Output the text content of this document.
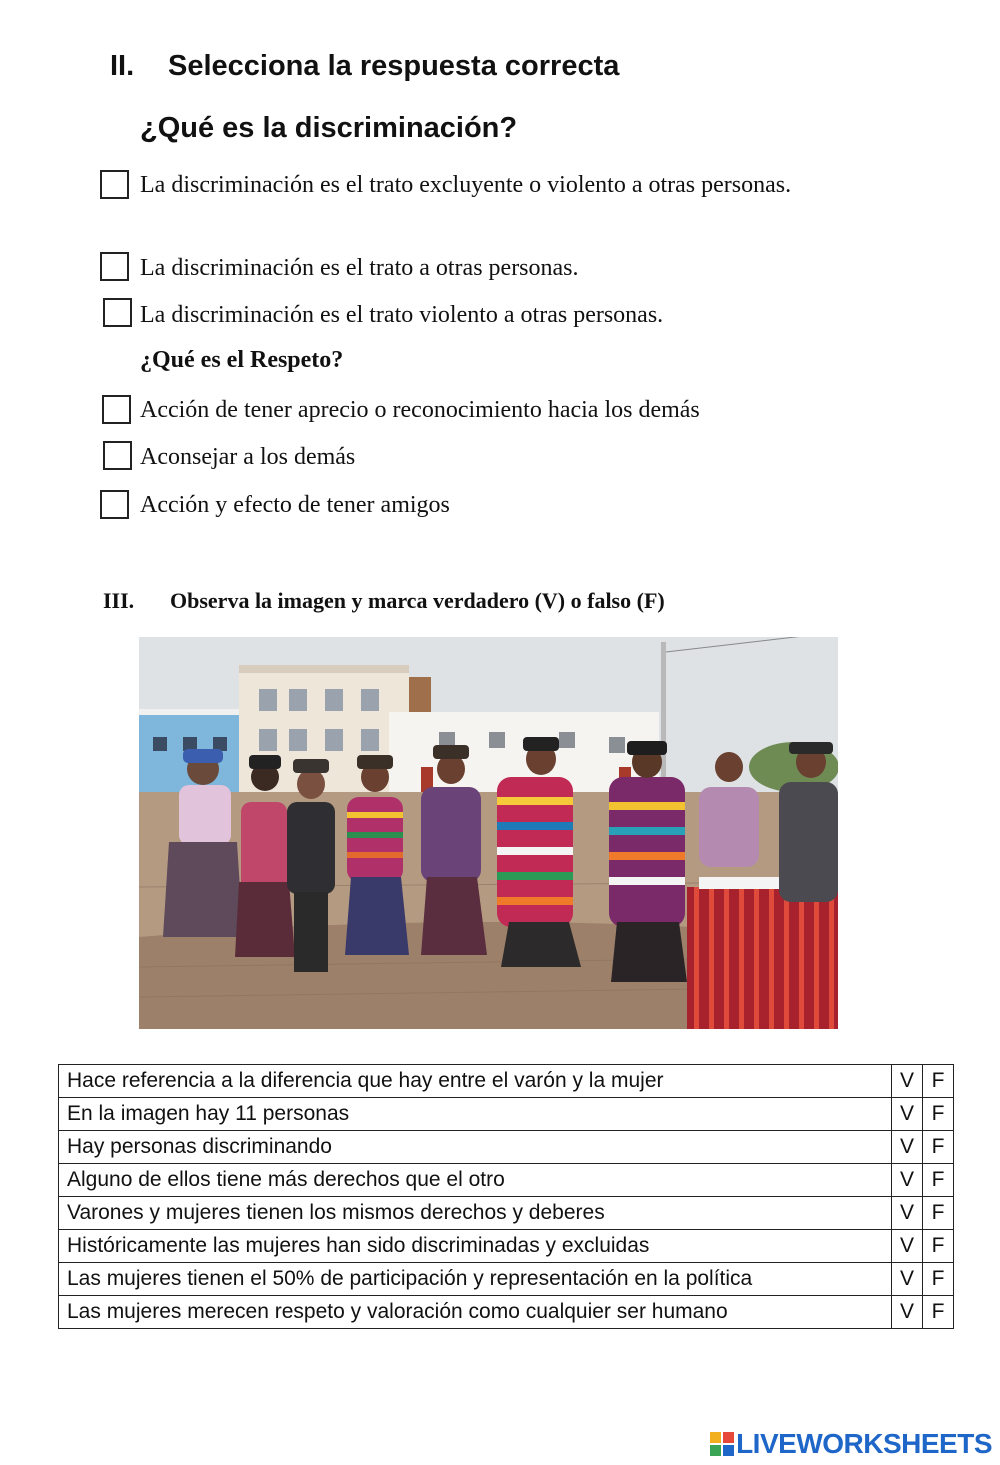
II. Selecciona la respuesta correcta
¿Qué es la discriminación?
La discriminación es el trato excluyente o violento a otras personas.
La discriminación es el trato a otras personas.
La discriminación es el trato violento a otras personas.
¿Qué es el Respeto?
Acción de tener aprecio o reconocimiento hacia los demás
Aconsejar a los demás
Acción y efecto de tener amigos
III. Observa la imagen y marca verdadero (V) o falso (F)
Hace referencia a la diferencia que hay entre el varón y la mujer	V	F
En la imagen hay 11 personas	V	F
Hay personas discriminando	V	F
Alguno de ellos tiene más derechos que el otro	V	F
Varones y mujeres tienen los mismos derechos y deberes	V	F
Históricamente las mujeres han sido discriminadas y excluidas	V	F
Las mujeres tienen el 50% de participación y representación en la política	V	F
Las mujeres merecen respeto y valoración como cualquier ser humano	V	F
LIVEWORKSHEETS
